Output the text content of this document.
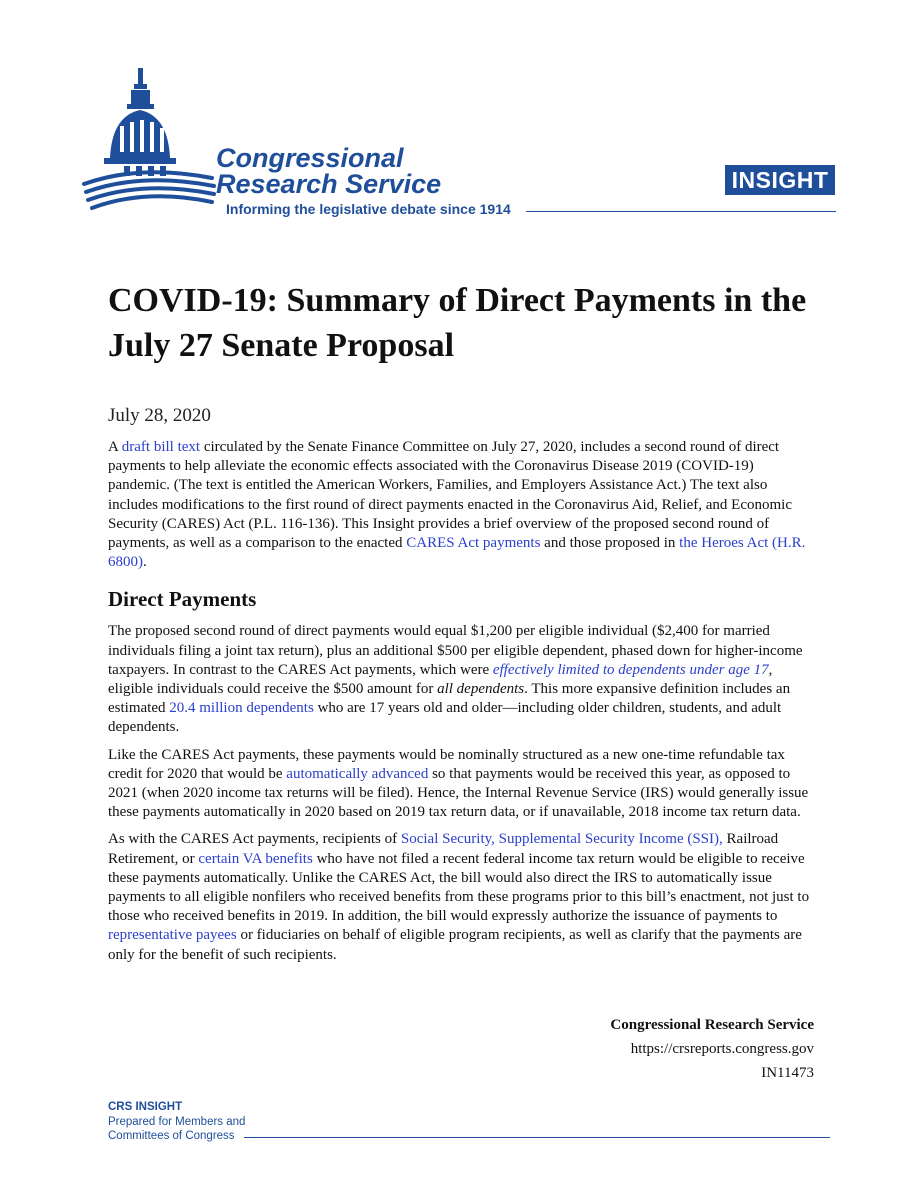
Congressional
Research Service
Informing the legislative debate since 1914
INSIGHT
COVID-19: Summary of Direct Payments in the July 27 Senate Proposal
July 28, 2020

A draft bill text circulated by the Senate Finance Committee on July 27, 2020, includes a second round of direct payments to help alleviate the economic effects associated with the Coronavirus Disease 2019 (COVID-19) pandemic. (The text is entitled the American Workers, Families, and Employers Assistance Act.) The text also includes modifications to the first round of direct payments enacted in the Coronavirus Aid, Relief, and Economic Security (CARES) Act (P.L. 116-136). This Insight provides a brief overview of the proposed second round of payments, as well as a comparison to the enacted CARES Act payments and those proposed in the Heroes Act (H.R. 6800).

Direct Payments

The proposed second round of direct payments would equal $1,200 per eligible individual ($2,400 for married individuals filing a joint tax return), plus an additional $500 per eligible dependent, phased down for higher-income taxpayers. In contrast to the CARES Act payments, which were effectively limited to dependents under age 17, eligible individuals could receive the $500 amount for all dependents. This more expansive definition includes an estimated 20.4 million dependents who are 17 years old and older—including older children, students, and adult dependents.

Like the CARES Act payments, these payments would be nominally structured as a new one-time refundable tax credit for 2020 that would be automatically advanced so that payments would be received this year, as opposed to 2021 (when 2020 income tax returns will be filed). Hence, the Internal Revenue Service (IRS) would generally issue these payments automatically in 2020 based on 2019 tax return data, or if unavailable, 2018 income tax return data.

As with the CARES Act payments, recipients of Social Security, Supplemental Security Income (SSI), Railroad Retirement, or certain VA benefits who have not filed a recent federal income tax return would be eligible to receive these payments automatically. Unlike the CARES Act, the bill would also direct the IRS to automatically issue payments to all eligible nonfilers who received benefits from these programs prior to this bill’s enactment, not just to those who received benefits in 2019. In addition, the bill would expressly authorize the issuance of payments to representative payees or fiduciaries on behalf of eligible program recipients, as well as clarify that the payments are only for the benefit of such recipients.

Congressional Research Service
https://crsreports.congress.gov
IN11473
CRS INSIGHT
Prepared for Members and
Committees of Congress
